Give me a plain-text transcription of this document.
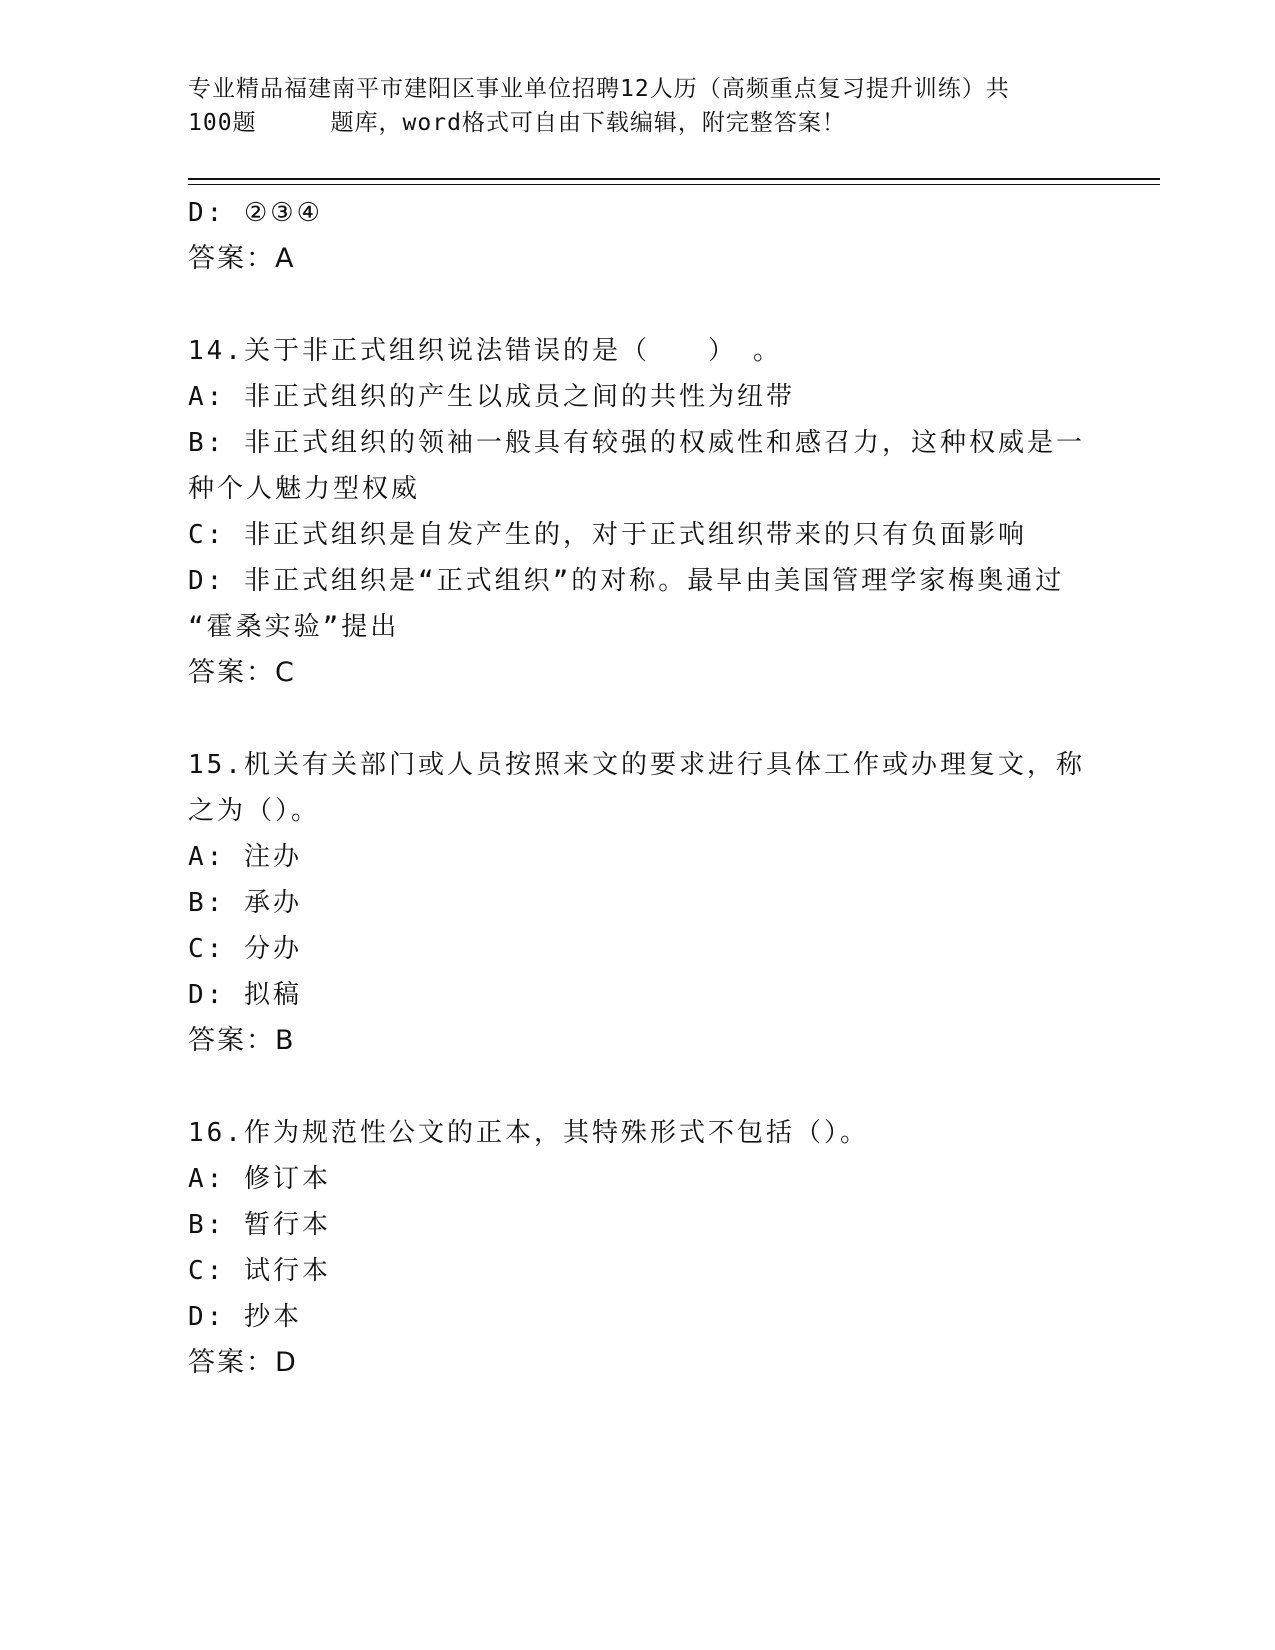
专业精品福建南平市建阳区事业单位招聘12人历（高频重点复习提升训练）共
100题	题库，word格式可自由下载编辑，附完整答案！

D: ②③④

答案：A

14.关于非正式组织说法错误的是（　　）　。

A: 非正式组织的产生以成员之间的共性为纽带

B: 非正式组织的领袖一般具有较强的权威性和感召力，这种权威是一

种个人魅力型权威

C: 非正式组织是自发产生的，对于正式组织带来的只有负面影响

D: 非正式组织是“正式组织”的对称。最早由美国管理学家梅奥通过

“霍桑实验”提出

答案：C

15.机关有关部门或人员按照来文的要求进行具体工作或办理复文，称

之为（）。

A: 注办

B: 承办

C: 分办

D: 拟稿

答案：B

16.作为规范性公文的正本，其特殊形式不包括（）。

A: 修订本

B: 暂行本

C: 试行本

D: 抄本

答案：D
